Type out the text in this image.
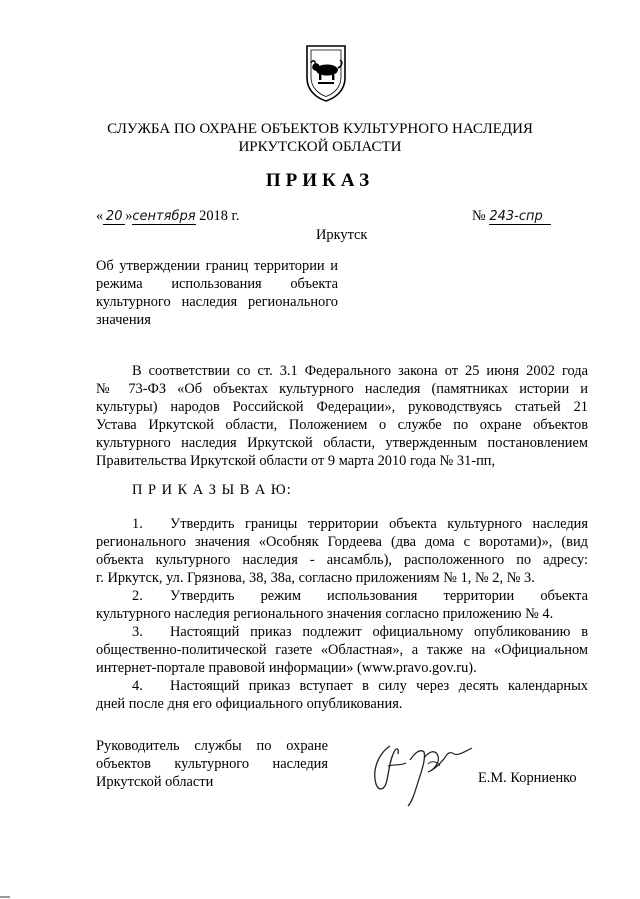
СЛУЖБА ПО ОХРАНЕ ОБЪЕКТОВ КУЛЬТУРНОГО НАСЛЕДИЯ
ИРКУТСКОЙ ОБЛАСТИ
ПРИКАЗ
« 20 »сентября 2018 г.	№ 243-спр
Иркутск
Об утверждении границ территории и режима использования объекта культурного наследия регионального значения
В соответствии со ст. 3.1 Федерального закона от 25 июня 2002 года
№ 73-ФЗ «Об объектах культурного наследия (памятниках истории и
культуры) народов Российской Федерации», руководствуясь статьей 21
Устава Иркутской области, Положением о службе по охране объектов
культурного наследия Иркутской области, утвержденным постановлением
Правительства Иркутской области от 9 марта 2010 года № 31-пп,
П Р И К А З Ы В А Ю:
1. Утвердить границы территории объекта культурного наследия
регионального значения «Особняк Гордеева (два дома с воротами)», (вид
объекта культурного наследия - ансамбль), расположенного по адресу:
г. Иркутск, ул. Грязнова, 38, 38а, согласно приложениям № 1, № 2, № 3.
2. Утвердить режим использования территории объекта
культурного наследия регионального значения согласно приложению № 4.
3. Настоящий приказ подлежит официальному опубликованию в
общественно-политической газете «Областная», а также на «Официальном
интернет-портале правовой информации» (www.pravo.gov.ru).
4. Настоящий приказ вступает в силу через десять календарных
дней после дня его официального опубликования.
Руководитель службы по охране
объектов культурного наследия
Иркутской области	Е.М. Корниенко
